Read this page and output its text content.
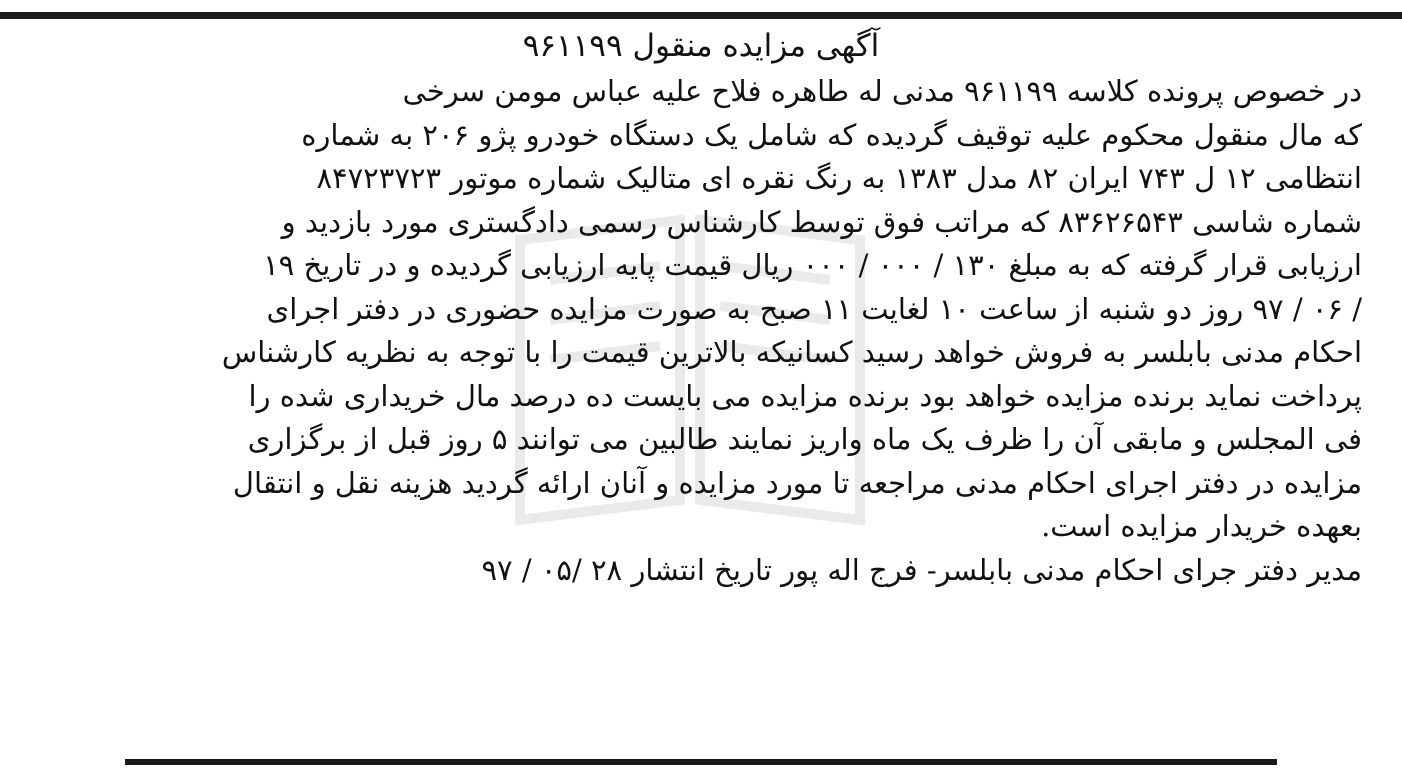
آگهی مزایده منقول ۹۶۱۱۹۹
در خصوص پرونده کلاسه ۹۶۱۱۹۹ مدنی له طاهره فلاح علیه عباس مومن سرخی
که مال منقول محکوم علیه توقیف گردیده که شامل یک دستگاه خودرو پژو ۲۰۶ به شماره
انتظامی ۱۲ ل ۷۴۳ ایران ۸۲ مدل ۱۳۸۳ به رنگ نقره ای متالیک شماره موتور ۸۴۷۲۳۷۲۳
شماره شاسی ۸۳۶۲۶۵۴۳ که مراتب فوق توسط کارشناس رسمی دادگستری مورد بازدید و
ارزیابی قرار گرفته که به مبلغ ۱۳۰ / ۰۰۰ / ۰۰۰ ریال قیمت پایه ارزیابی گردیده و در تاریخ ۱۹
/ ۰۶ / ۹۷ روز دو شنبه از ساعت ۱۰ لغایت ۱۱ صبح به صورت مزایده حضوری در دفتر اجرای
احکام مدنی بابلسر به فروش خواهد رسید کسانیکه بالاترین قیمت را با توجه به نظریه کارشناس
پرداخت نماید برنده مزایده خواهد بود برنده مزایده می بایست ده درصد مال خریداری شده را
فی المجلس و مابقی آن را ظرف یک ماه واریز نمایند طالبین می توانند ۵ روز قبل از برگزاری
مزایده در دفتر اجرای احکام مدنی مراجعه تا مورد مزایده و آنان ارائه گردید هزینه نقل و انتقال
بعهده خریدار مزایده است.
مدیر دفتر جرای احکام مدنی بابلسر- فرج اله پور تاریخ انتشار ۲۸ /۰۵ / ۹۷
